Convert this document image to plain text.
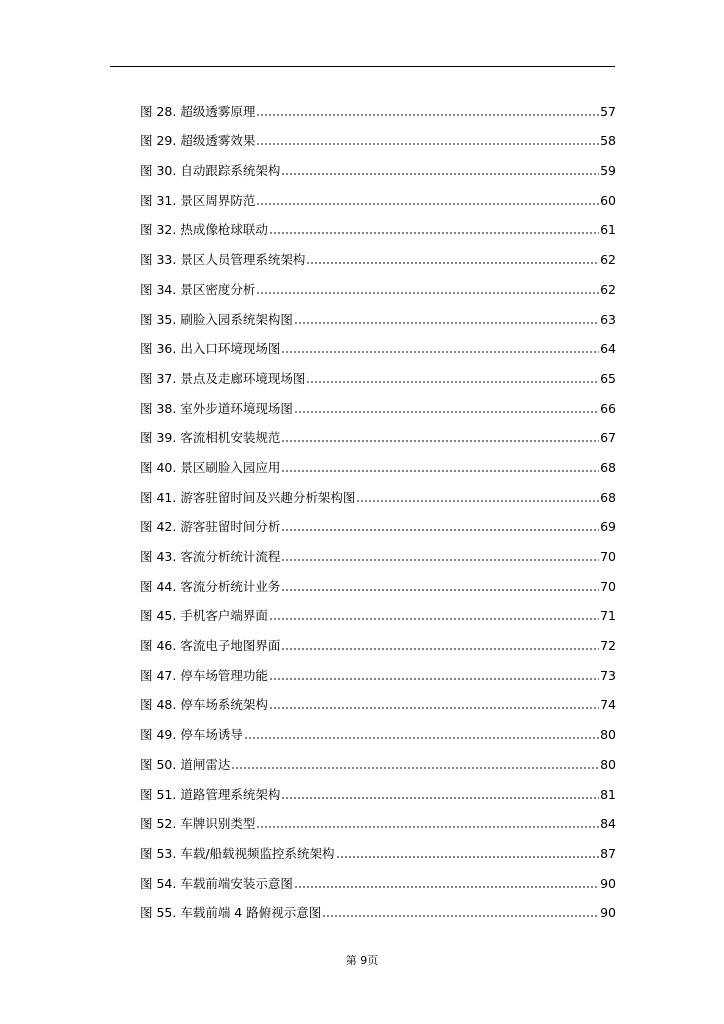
图 28. 超级透雾原理	57
图 29. 超级透雾效果	58
图 30. 自动跟踪系统架构	59
图 31. 景区周界防范	60
图 32. 热成像枪球联动	61
图 33. 景区人员管理系统架构	62
图 34. 景区密度分析	62
图 35. 刷脸入园系统架构图	63
图 36. 出入口环境现场图	64
图 37. 景点及走廊环境现场图	65
图 38. 室外步道环境现场图	66
图 39. 客流相机安装规范	67
图 40. 景区刷脸入园应用	68
图 41. 游客驻留时间及兴趣分析架构图	68
图 42. 游客驻留时间分析	69
图 43. 客流分析统计流程	70
图 44. 客流分析统计业务	70
图 45. 手机客户端界面	71
图 46. 客流电子地图界面	72
图 47. 停车场管理功能	73
图 48. 停车场系统架构	74
图 49. 停车场诱导	80
图 50. 道闸雷达	80
图 51. 道路管理系统架构	81
图 52. 车牌识别类型	84
图 53. 车载/船载视频监控系统架构	87
图 54. 车载前端安装示意图	90
图 55. 车载前端 4 路俯视示意图	90
第 9页
